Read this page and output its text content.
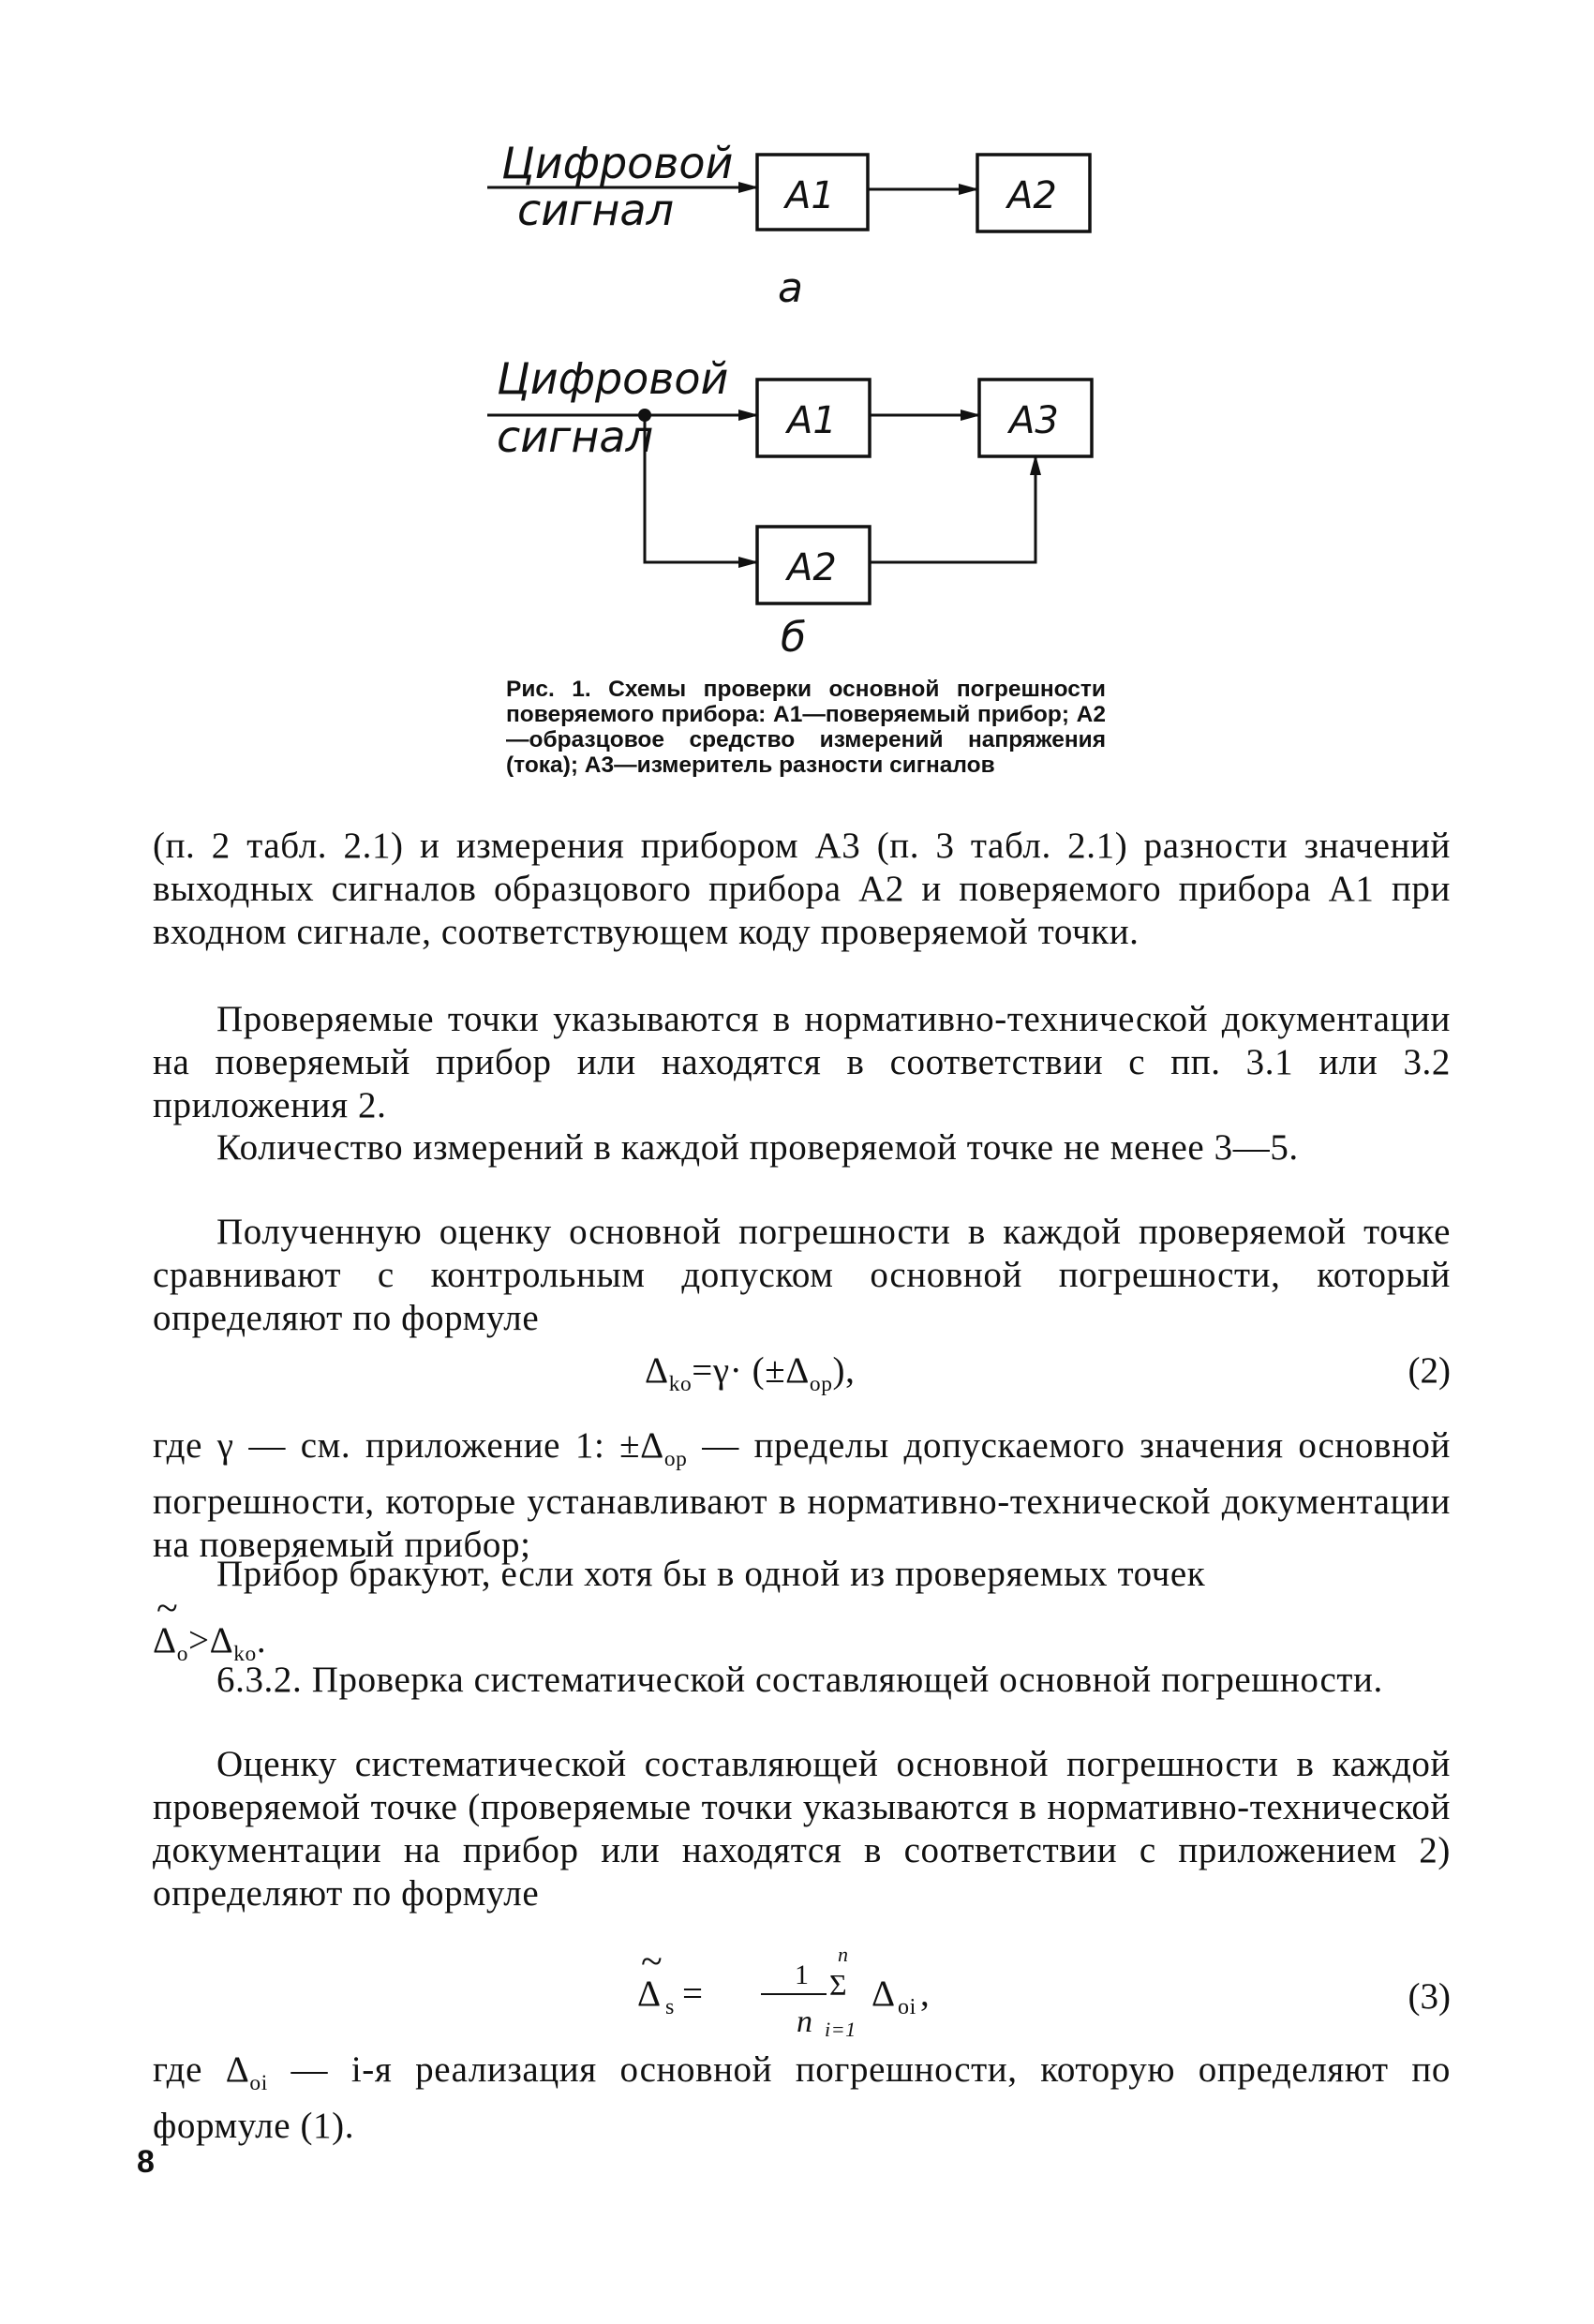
Цифровой
сигнал	A1	A2
а
Цифровой
сигнал	A1	A3
A2
б
Рис. 1. Схемы проверки основной погрешности поверяемого прибора: A1—поверяемый прибор; A2—образцовое средство измерений напряжения (тока); A3—измеритель разности сигналов
(п. 2 табл. 2.1) и измерения прибором A3 (п. 3 табл. 2.1) разности значений выходных сигналов образцового прибора A2 и поверяемого прибора A1 при входном сигнале, соответствующем коду проверяемой точки.
Проверяемые точки указываются в нормативно-технической документации на поверяемый прибор или находятся в соответствии с пп. 3.1 или 3.2 приложения 2.
Количество измерений в каждой проверяемой точке не менее 3—5.
Полученную оценку основной погрешности в каждой проверяемой точке сравнивают с контрольным допуском основной погрешности, который определяют по формуле
$\Delta_{ko}=\gamma\cdot (\pm\Delta_{op})$,	(2)
где γ — см. приложение 1: $\pm\Delta_{op}$ — пределы допускаемого значения основной погрешности, которые устанавливают в нормативно-технической документации на поверяемый прибор;
Прибор бракуют, если хотя бы в одной из проверяемых точек
~ $\Delta_o>\Delta_{ko}$.
6.3.2. Проверка систематической составляющей основной погрешности.
Оценку систематической составляющей основной погрешности в каждой проверяемой точке (проверяемые точки указываются в нормативно-технической документации на прибор или находятся в соответствии с приложением 2) определяют по формуле
~ Δ s =	1
n
n
Σ
i=1
Δ oi ,	(3)
где $\Delta_{oi}$ — i-я реализация основной погрешности, которую определяют по формуле (1).
8
